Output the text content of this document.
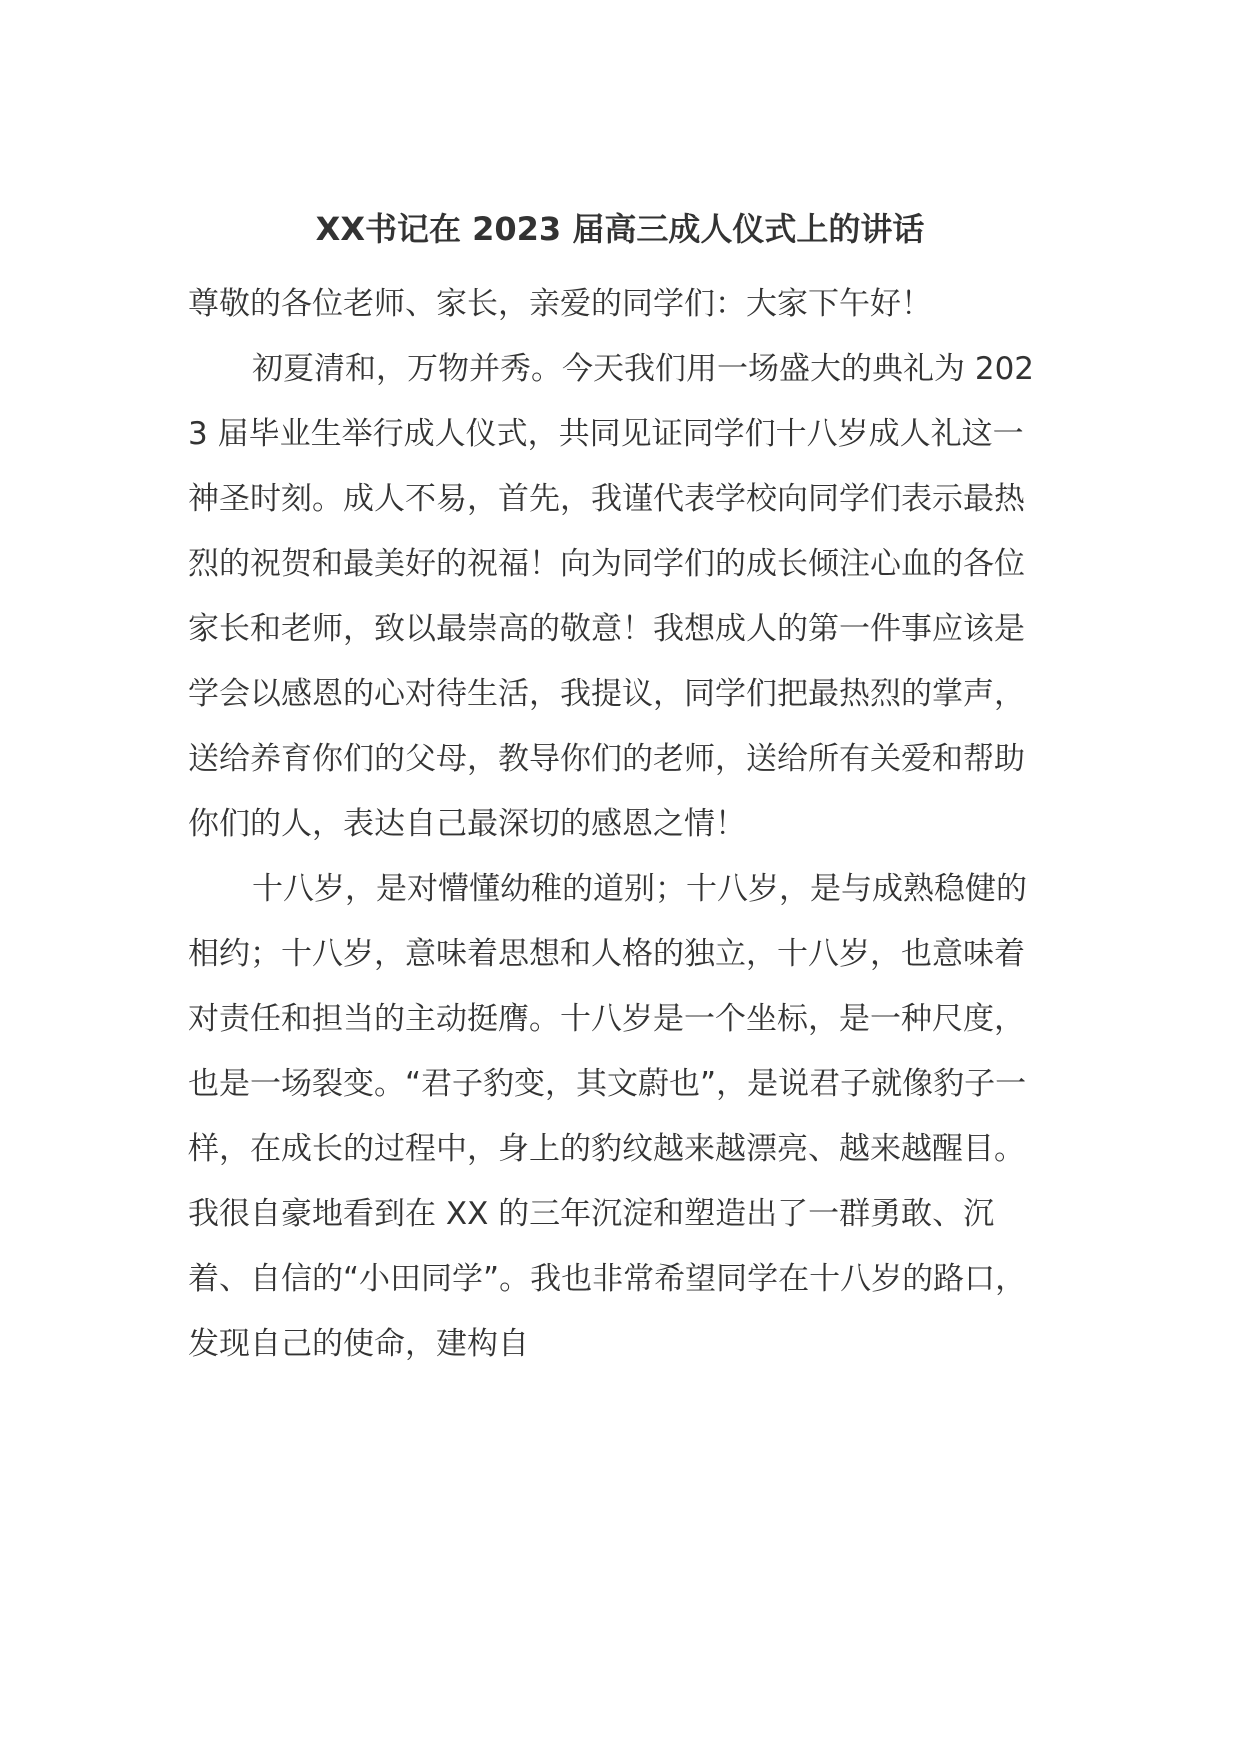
XX书记在 2023 届高三成人仪式上的讲话

尊敬的各位老师、家长，亲爱的同学们：大家下午好！

初夏清和，万物并秀。今天我们用一场盛大的典礼为 2023 届毕业生举行成人仪式，共同见证同学们十八岁成人礼这一神圣时刻。成人不易，首先，我谨代表学校向同学们表示最热烈的祝贺和最美好的祝福！向为同学们的成长倾注心血的各位家长和老师，致以最崇高的敬意！我想成人的第一件事应该是学会以感恩的心对待生活，我提议，同学们把最热烈的掌声，送给养育你们的父母，教导你们的老师，送给所有关爱和帮助你们的人，表达自己最深切的感恩之情！

十八岁，是对懵懂幼稚的道别；十八岁，是与成熟稳健的相约；十八岁，意味着思想和人格的独立，十八岁，也意味着对责任和担当的主动挺膺。十八岁是一个坐标，是一种尺度，也是一场裂变。“君子豹变，其文蔚也”，是说君子就像豹子一样，在成长的过程中，身上的豹纹越来越漂亮、越来越醒目。我很自豪地看到在 XX 的三年沉淀和塑造出了一群勇敢、沉着、自信的“小田同学”。我也非常希望同学在十八岁的路口，发现自己的使命，建构自
